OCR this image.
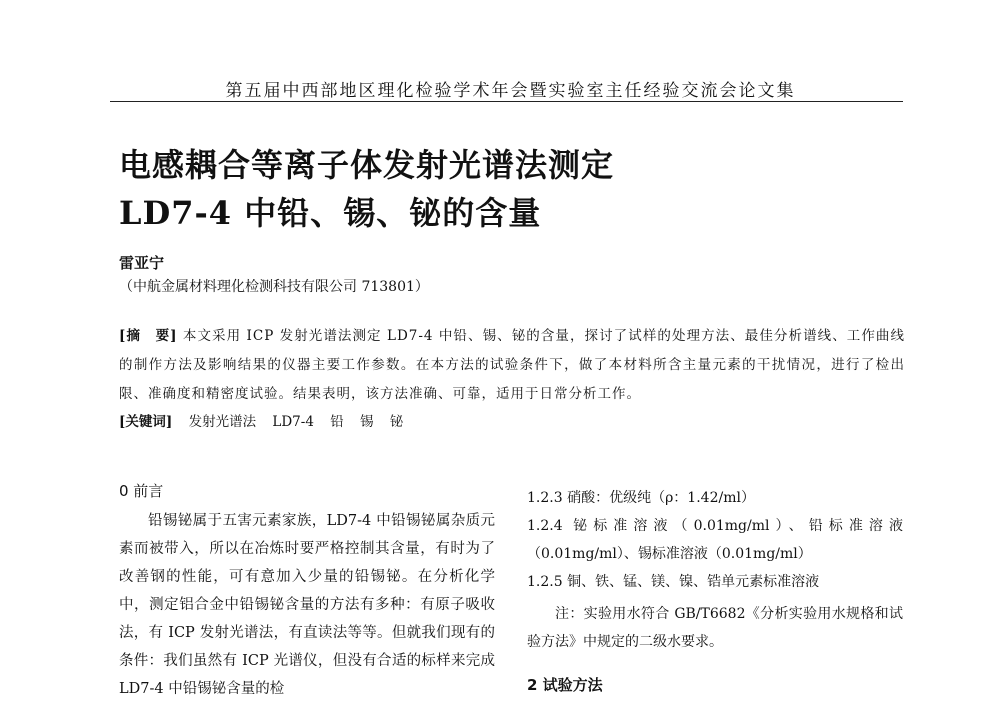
第五届中西部地区理化检验学术年会暨实验室主任经验交流会论文集
电感耦合等离子体发射光谱法测定
LD7-4 中铅、锡、铋的含量
雷亚宁
（中航金属材料理化检测科技有限公司 713801）
[摘　要] 本文采用 ICP 发射光谱法测定 LD7-4 中铅、锡、铋的含量，探讨了试样的处理方法、最佳分析谱线、工作曲线的制作方法及影响结果的仪器主要工作参数。在本方法的试验条件下，做了本材料所含主量元素的干扰情况，进行了检出限、准确度和精密度试验。结果表明，该方法准确、可靠，适用于日常分析工作。
[关键词] 发射光谱法 LD7-4 铅 锡 铋
0 前言

铅锡铋属于五害元素家族，LD7-4 中铅锡铋属杂质元素而被带入，所以在冶炼时要严格控制其含量，有时为了改善钢的性能，可有意加入少量的铅锡铋。在分析化学中，测定铝合金中铅锡铋含量的方法有多种：有原子吸收法，有 ICP 发射光谱法，有直读法等等。但就我们现有的条件：我们虽然有 ICP 光谱仪，但没有合适的标样来完成 LD7-4 中铅锡铋含量的检

1.2.3 硝酸：优级纯（ρ：1.42/ml）

1.2.4 铋标准溶液（0.01mg/ml）、铅标准溶液（0.01mg/ml）、锡标准溶液（0.01mg/ml）

1.2.5 铜、铁、锰、镁、镍、锆单元素标准溶液

注：实验用水符合 GB/T6682《分析实验用水规格和试验方法》中规定的二级水要求。

2 试验方法
